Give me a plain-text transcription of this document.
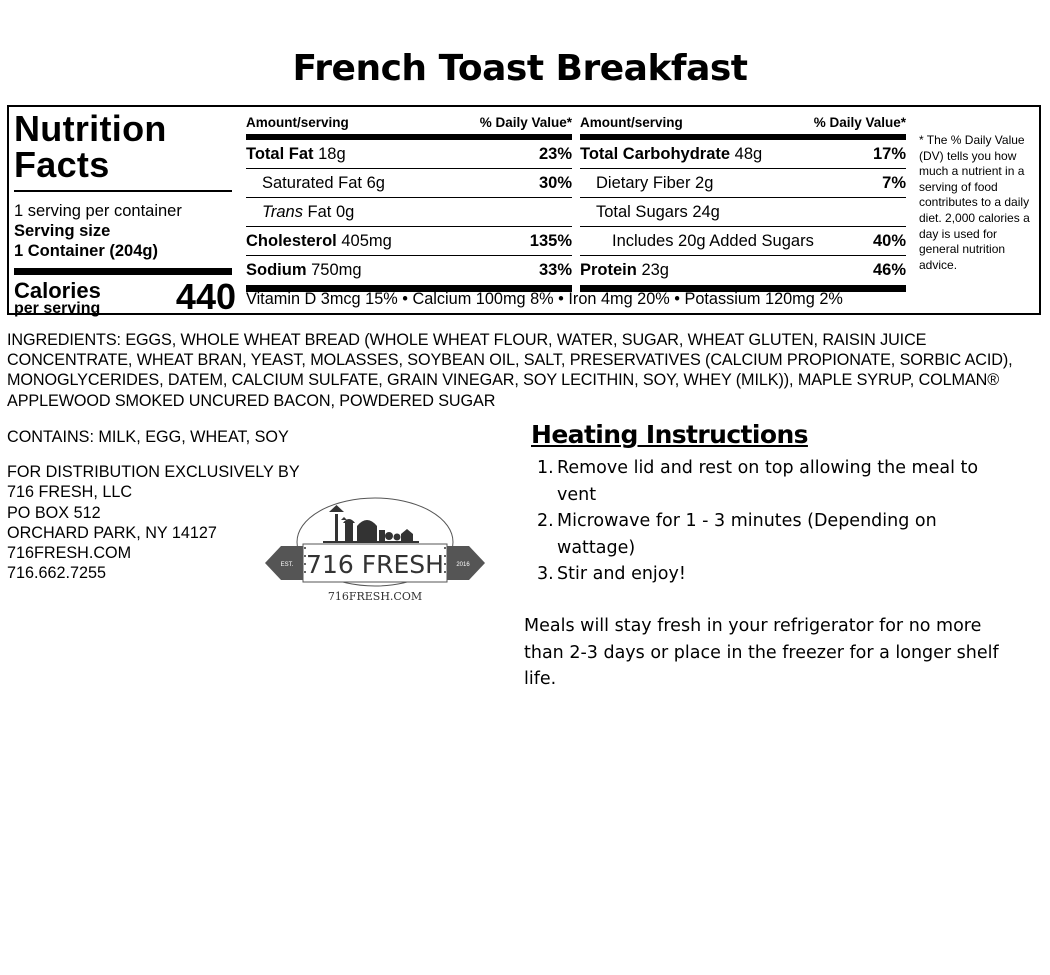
French Toast Breakfast
Nutrition
Facts
1 serving per container
Serving size
1 Container (204g)
Calories
per serving 440
Amount/serving	% Daily Value*
Total Fat 18g	23%
Saturated Fat 6g	30%
Trans Fat 0g
Cholesterol 405mg	135%
Sodium 750mg	33%
Amount/serving	% Daily Value*
Total Carbohydrate 48g	17%
Dietary Fiber 2g	7%
Total Sugars 24g
Includes 20g Added Sugars	40%
Protein 23g	46%
Vitamin D 3mcg 15% • Calcium 100mg 8% • Iron 4mg 20% • Potassium 120mg 2%
* The % Daily Value (DV) tells you how much a nutrient in a serving of food contributes to a daily diet. 2,000 calories a day is used for general nutrition advice.
INGREDIENTS: EGGS, WHOLE WHEAT BREAD (WHOLE WHEAT FLOUR, WATER, SUGAR, WHEAT GLUTEN, RAISIN JUICE CONCENTRATE, WHEAT BRAN, YEAST, MOLASSES, SOYBEAN OIL, SALT, PRESERVATIVES (CALCIUM PROPIONATE, SORBIC ACID), MONOGLYCERIDES, DATEM, CALCIUM SULFATE, GRAIN VINEGAR, SOY LECITHIN, SOY, WHEY (MILK)), MAPLE SYRUP, COLMAN® APPLEWOOD SMOKED UNCURED BACON, POWDERED SUGAR
CONTAINS: MILK, EGG, WHEAT, SOY
FOR DISTRIBUTION EXCLUSIVELY BY
716 FRESH, LLC
PO BOX 512
ORCHARD PARK, NY 14127
716FRESH.COM
716.662.7255	EST.	2016
716 FRESH
716FRESH.COM
Heating Instructions
1. Remove lid and rest on top allowing the meal to vent
2. Microwave for 1 - 3 minutes (Depending on wattage)
3. Stir and enjoy!
Meals will stay fresh in your refrigerator for no more than 2-3 days or place in the freezer for a longer shelf life.
